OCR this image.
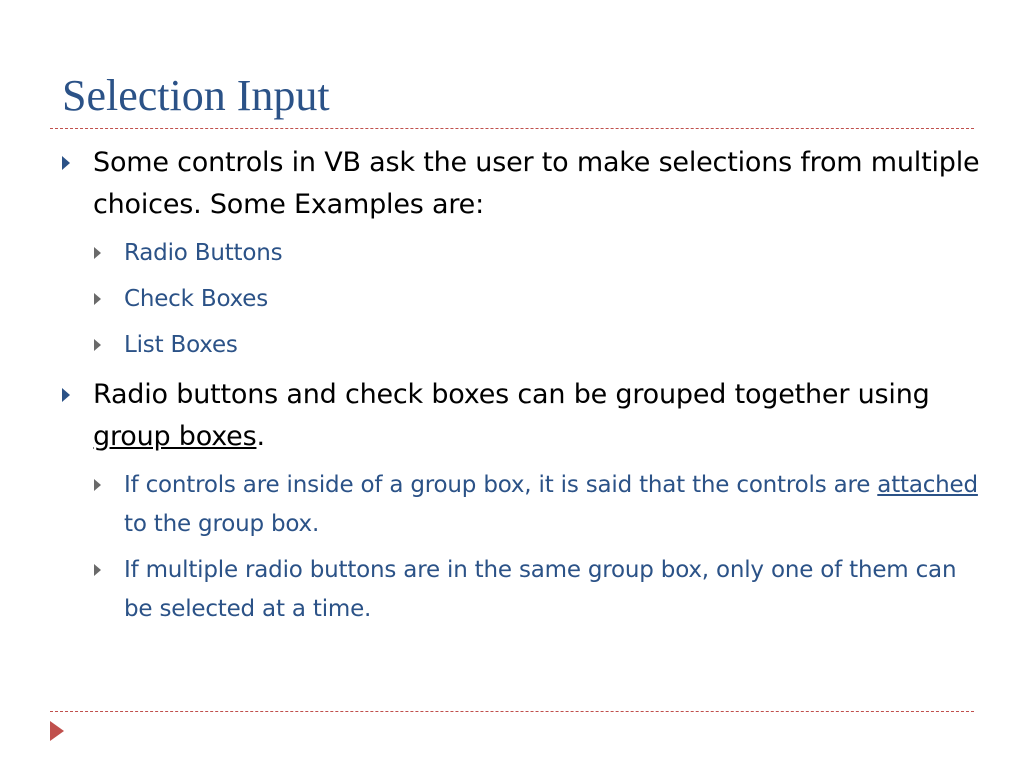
Selection Input
Some controls in VB ask the user to make selections from multiple choices. Some Examples are:
Radio Buttons
Check Boxes
List Boxes
Radio buttons and check boxes can be grouped together using group boxes.
If controls are inside of a group box, it is said that the controls are attached to the group box.
If multiple radio buttons are in the same group box, only one of them can be selected at a time.
